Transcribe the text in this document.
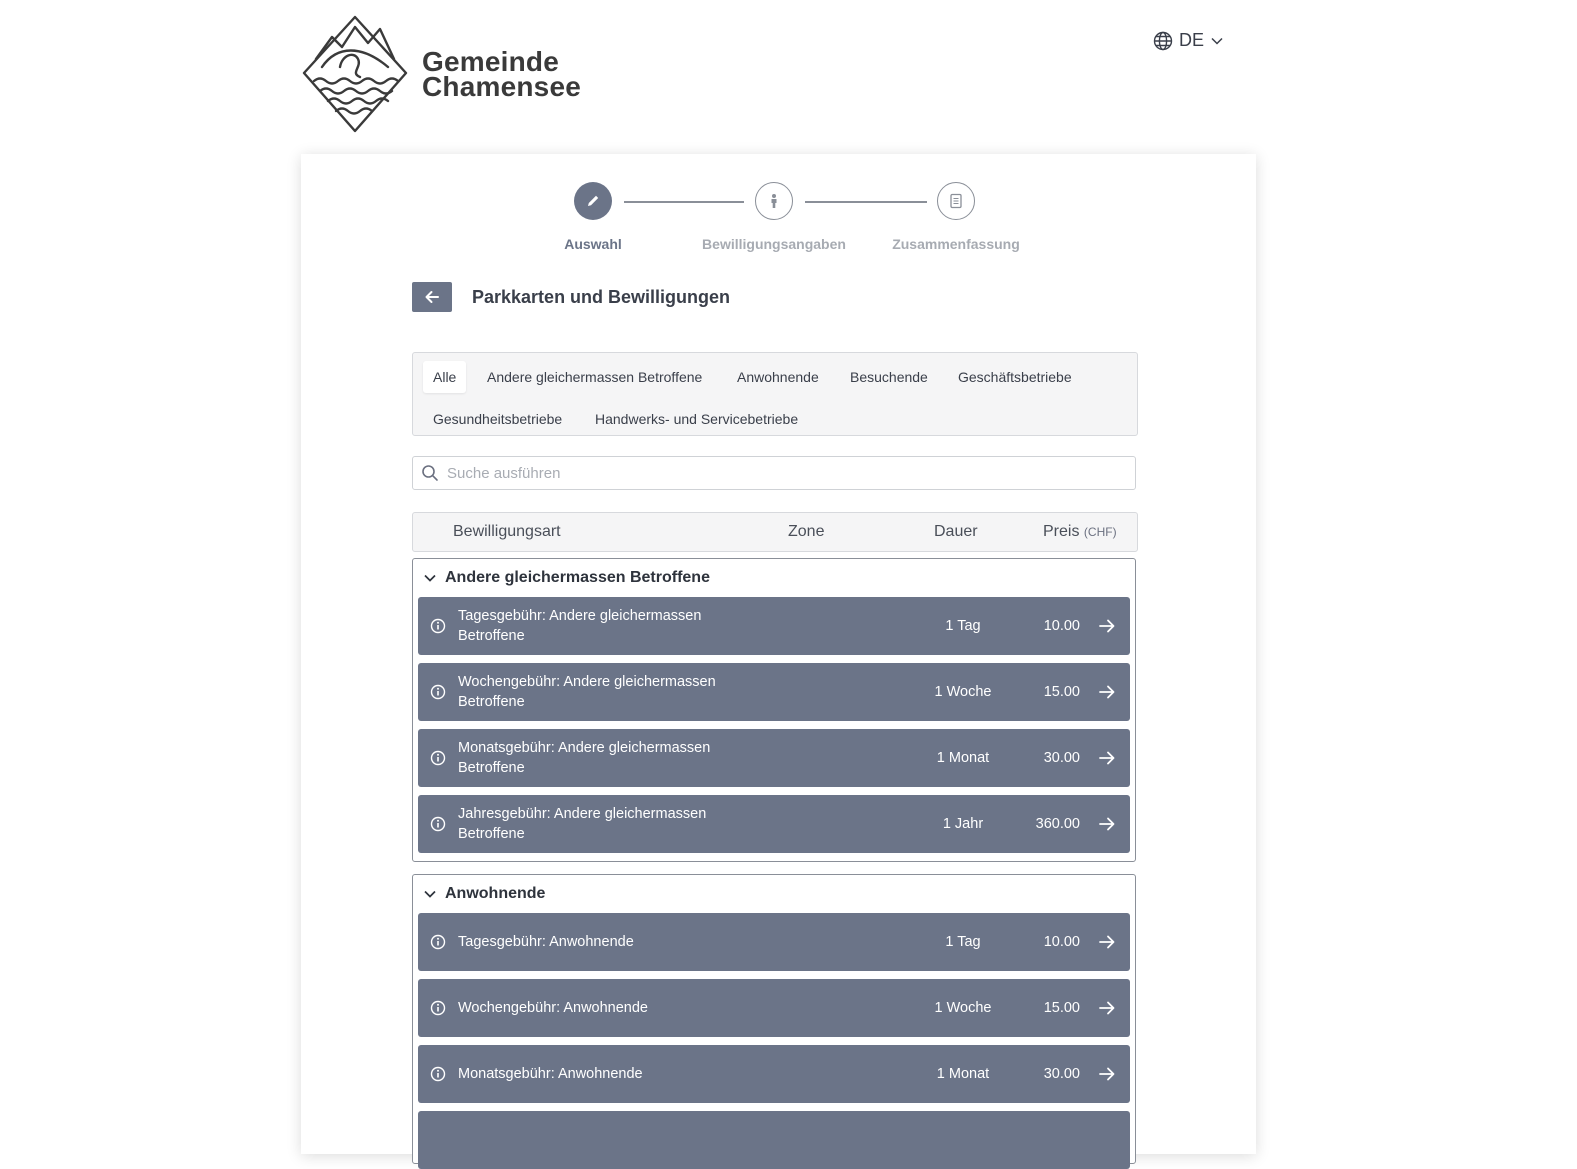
Gemeinde
Chamensee
DE
Auswahl	Bewilligungsangaben	Zusammenfassung
Parkkarten und Bewilligungen
Alle	Andere gleichermassen Betroffene	Anwohnende	Besuchende	Geschäftsbetriebe
Gesundheitsbetriebe	Handwerks- und Servicebetriebe
Suche ausführen
Bewilligungsart	Zone	Dauer	Preis (CHF)
Andere gleichermassen Betroffene
Tagesgebühr: Andere gleichermassen Betroffene
1 Tag	10.00
Wochengebühr: Andere gleichermassen Betroffene
1 Woche	15.00
Monatsgebühr: Andere gleichermassen Betroffene
1 Monat	30.00
Jahresgebühr: Andere gleichermassen Betroffene
1 Jahr	360.00
Anwohnende
Tagesgebühr: Anwohnende	1 Tag	10.00
Wochengebühr: Anwohnende	1 Woche	15.00
Monatsgebühr: Anwohnende	1 Monat	30.00
